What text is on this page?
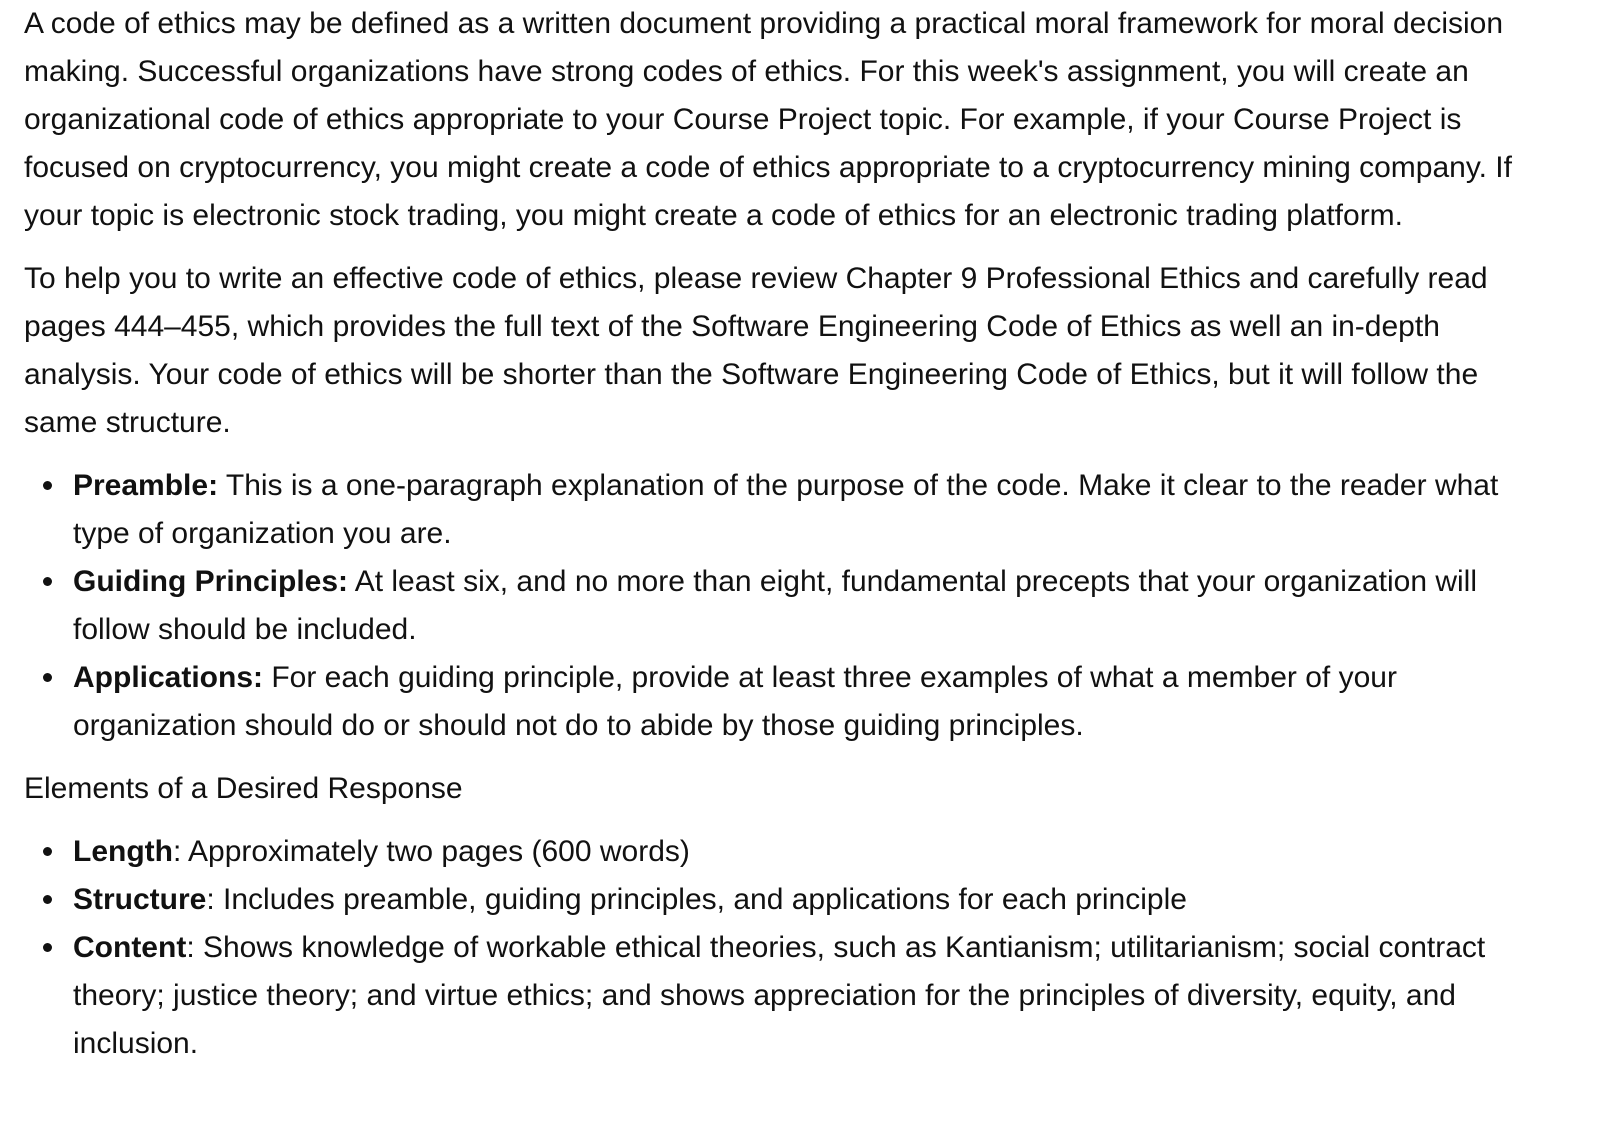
A code of ethics may be defined as a written document providing a practical moral framework for moral decision making. Successful organizations have strong codes of ethics. For this week's assignment, you will create an organizational code of ethics appropriate to your Course Project topic. For example, if your Course Project is focused on cryptocurrency, you might create a code of ethics appropriate to a cryptocurrency mining company. If your topic is electronic stock trading, you might create a code of ethics for an electronic trading platform.

To help you to write an effective code of ethics, please review Chapter 9 Professional Ethics and carefully read pages 444–455, which provides the full text of the Software Engineering Code of Ethics as well an in-depth analysis. Your code of ethics will be shorter than the Software Engineering Code of Ethics, but it will follow the same structure.

Preamble: This is a one-paragraph explanation of the purpose of the code. Make it clear to the reader what type of organization you are.
Guiding Principles: At least six, and no more than eight, fundamental precepts that your organization will follow should be included.
Applications: For each guiding principle, provide at least three examples of what a member of your organization should do or should not do to abide by those guiding principles.

Elements of a Desired Response

Length: Approximately two pages (600 words)
Structure: Includes preamble, guiding principles, and applications for each principle
Content: Shows knowledge of workable ethical theories, such as Kantianism; utilitarianism; social contract theory; justice theory; and virtue ethics; and shows appreciation for the principles of diversity, equity, and inclusion.
